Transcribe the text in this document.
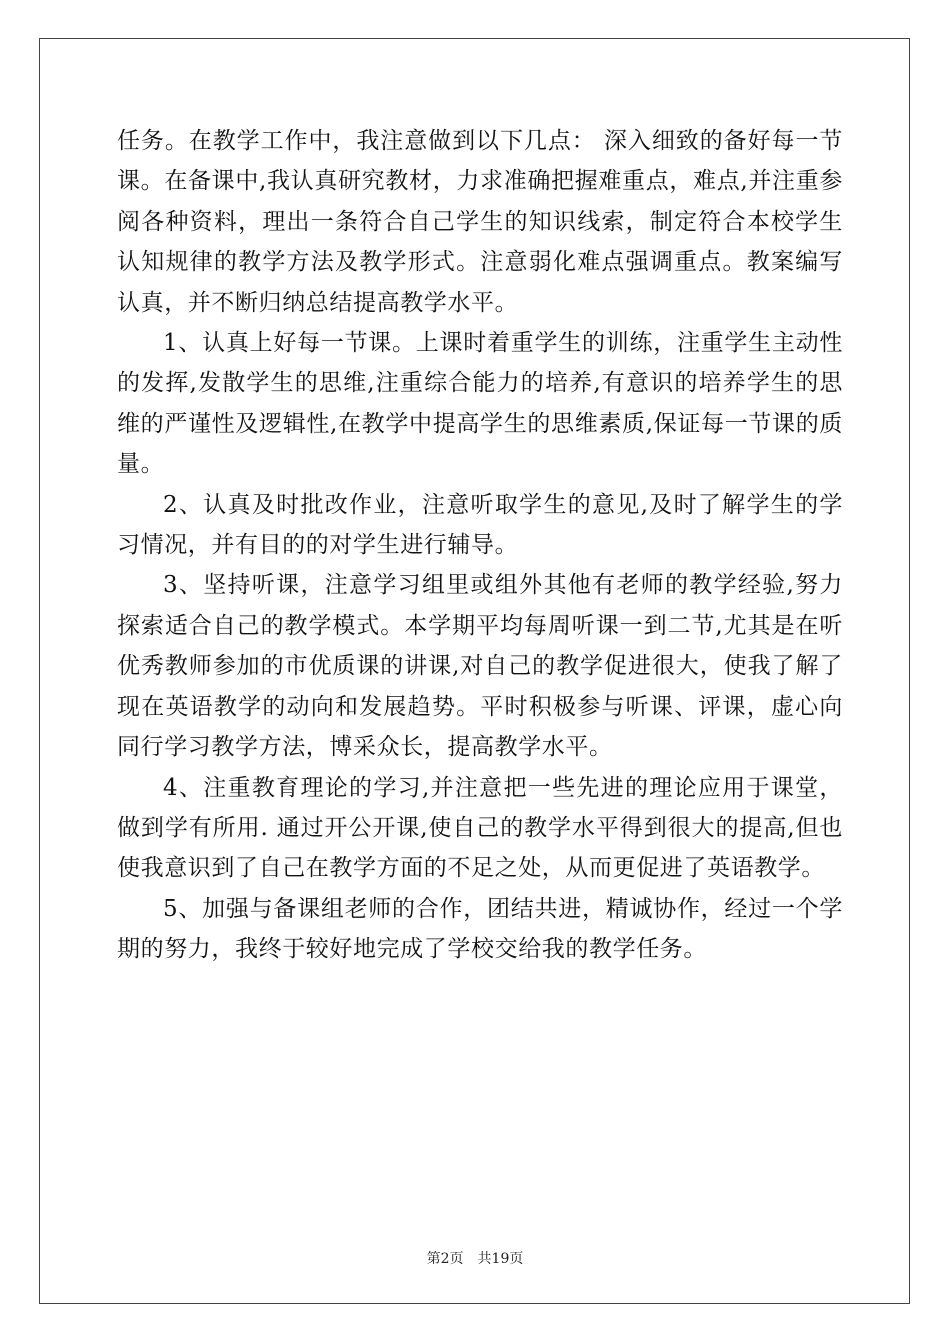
任务。在教学工作中，我注意做到以下几点： 深入细致的备好每一节课。在备课中,我认真研究教材，力求准确把握难重点，难点,并注重参阅各种资料，理出一条符合自己学生的知识线索，制定符合本校学生认知规律的教学方法及教学形式。注意弱化难点强调重点。教案编写认真，并不断归纳总结提高教学水平。

1、认真上好每一节课。上课时着重学生的训练，注重学生主动性的发挥,发散学生的思维,注重综合能力的培养,有意识的培养学生的思维的严谨性及逻辑性,在教学中提高学生的思维素质,保证每一节课的质量。

2、认真及时批改作业，注意听取学生的意见,及时了解学生的学习情况，并有目的的对学生进行辅导。

3、坚持听课，注意学习组里或组外其他有老师的教学经验,努力探索适合自己的教学模式。本学期平均每周听课一到二节,尤其是在听优秀教师参加的市优质课的讲课,对自己的教学促进很大，使我了解了现在英语教学的动向和发展趋势。平时积极参与听课、评课，虚心向同行学习教学方法，博采众长，提高教学水平。

4、注重教育理论的学习,并注意把一些先进的理论应用于课堂，做到学有所用. 通过开公开课,使自己的教学水平得到很大的提高,但也使我意识到了自己在教学方面的不足之处，从而更促进了英语教学。

5、加强与备课组老师的合作，团结共进，精诚协作，经过一个学期的努力，我终于较好地完成了学校交给我的教学任务。

第2页 共19页
